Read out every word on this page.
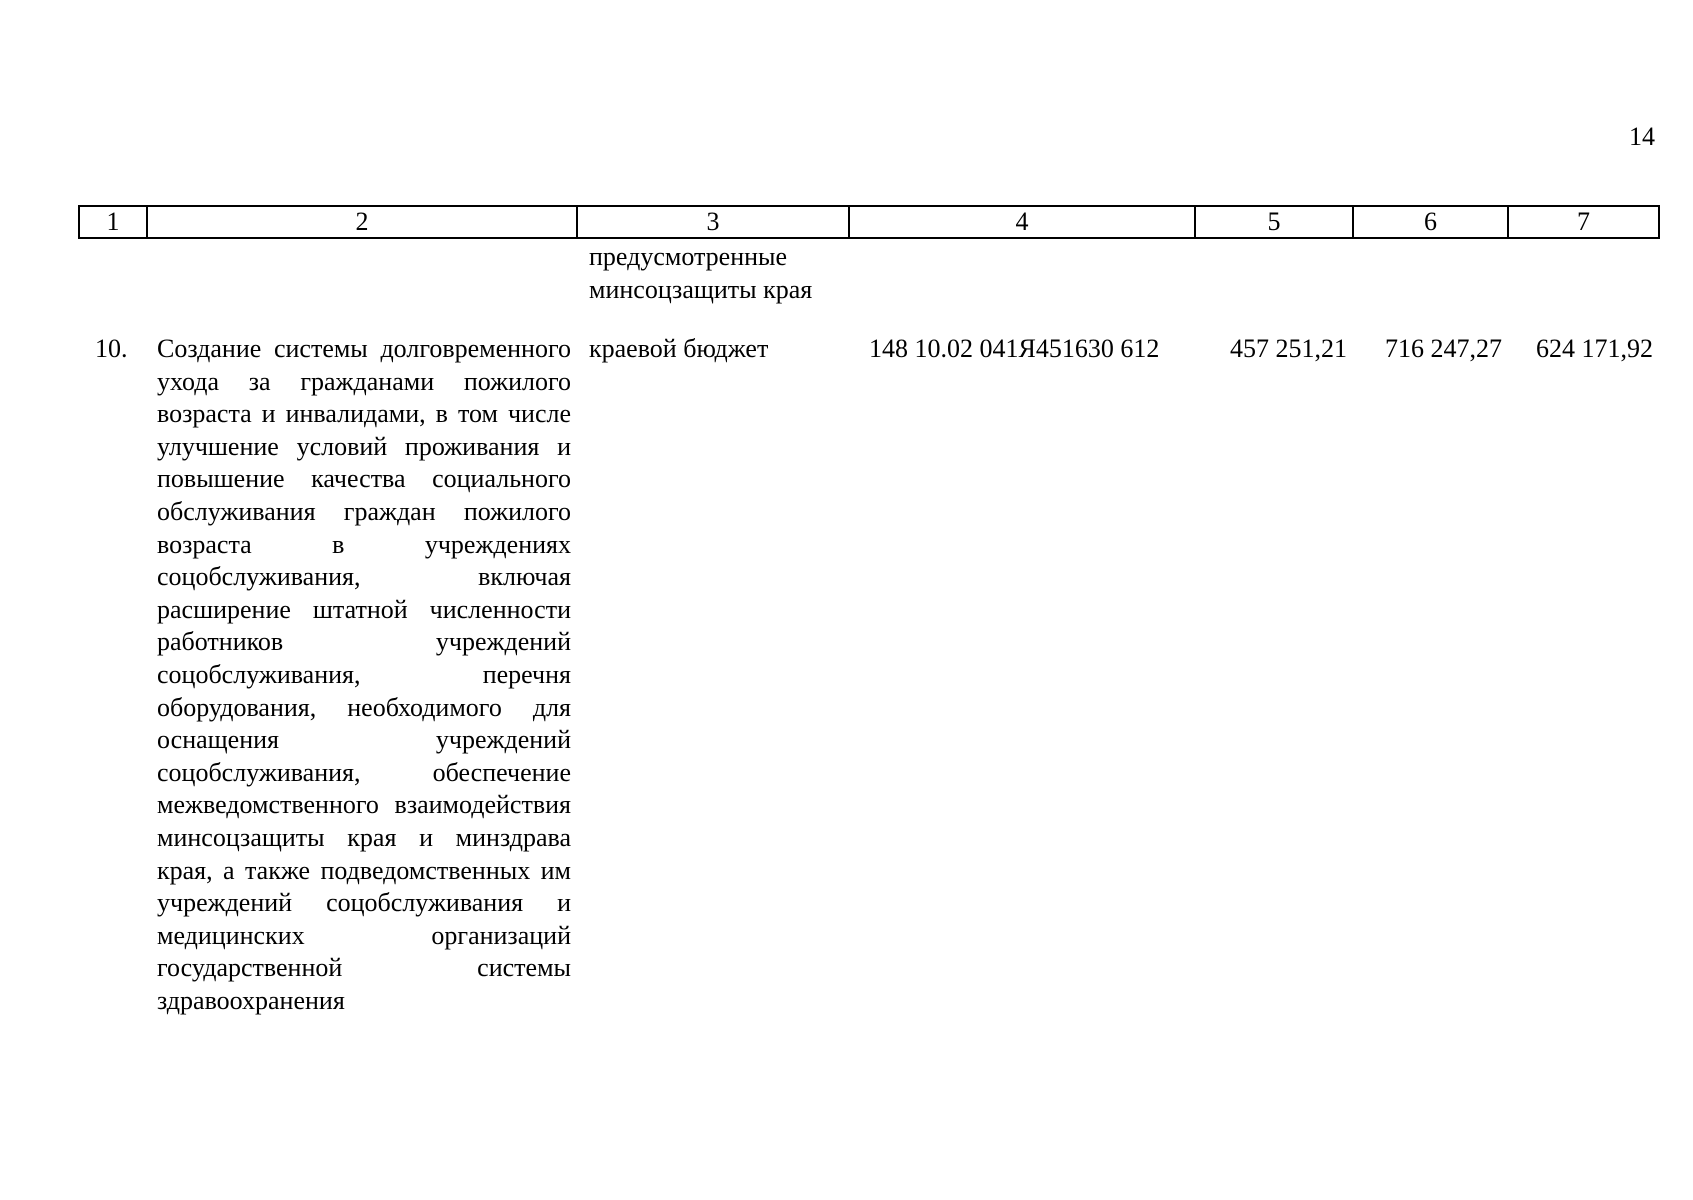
14
1	2	3	4	5	6	7
		предусмотренные минсоцзащиты края				
10.	Создание системы долговременного ухода за гражданами пожилого возраста и инвалидами, в том числе улучшение условий проживания и повышение качества социального обслуживания граждан пожилого возраста в учреждениях соцобслуживания, включая расширение штатной численности работников учреждений соцобслуживания, перечня оборудования, необходимого для оснащения учреждений соцобслуживания, обеспечение межведомственного взаимодействия минсоцзащиты края и минздрава края, а также подведомственных им учреждений соцобслуживания и медицинских организаций государственной системы здравоохранения	краевой бюджет	148 10.02 041Я451630 612	457 251,21	716 247,27	624 171,92
